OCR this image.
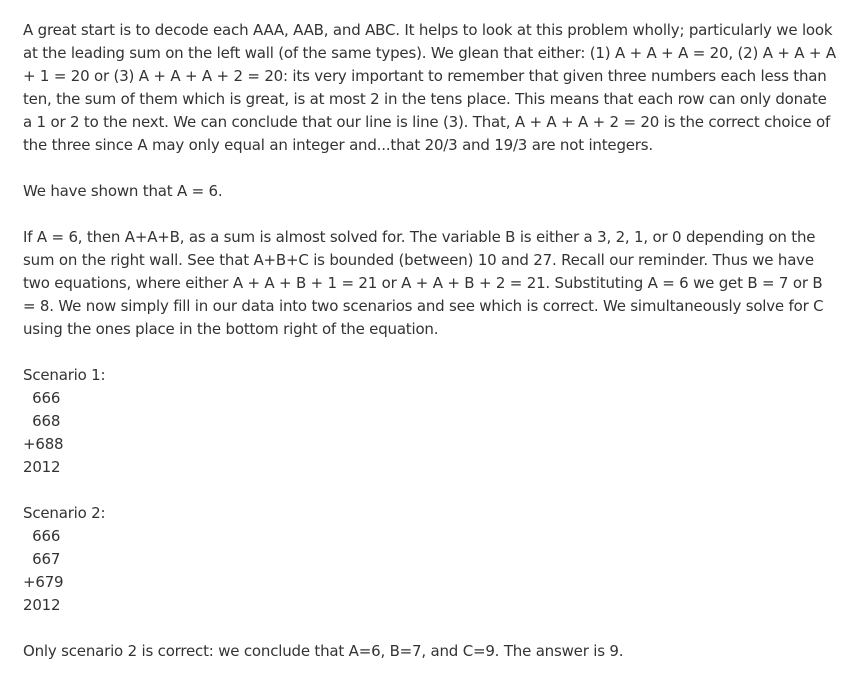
A great start is to decode each AAA, AAB, and ABC. It helps to look at this problem wholly; particularly we look at the leading sum on the left wall (of the same types). We glean that either: (1) A + A + A = 20, (2) A + A + A + 1 = 20 or (3) A + A + A + 2 = 20: its very important to remember that given three numbers each less than ten, the sum of them which is great, is at most 2 in the tens place. This means that each row can only donate a 1 or 2 to the next. We can conclude that our line is line (3). That, A + A + A + 2 = 20 is the correct choice of the three since A may only equal an integer and...that 20/3 and 19/3 are not integers.

We have shown that A = 6.

If A = 6, then A+A+B, as a sum is almost solved for. The variable B is either a 3, 2, 1, or 0 depending on the sum on the right wall. See that A+B+C is bounded (between) 10 and 27. Recall our reminder. Thus we have two equations, where either A + A + B + 1 = 21 or A + A + B + 2 = 21. Substituting A = 6 we get B = 7 or B = 8. We now simply fill in our data into two scenarios and see which is correct. We simultaneously solve for C using the ones place in the bottom right of the equation.

Scenario 1:

666

668

+688

2012

Scenario 2:

666

667

+679

2012

Only scenario 2 is correct: we conclude that A=6, B=7, and C=9. The answer is 9.
